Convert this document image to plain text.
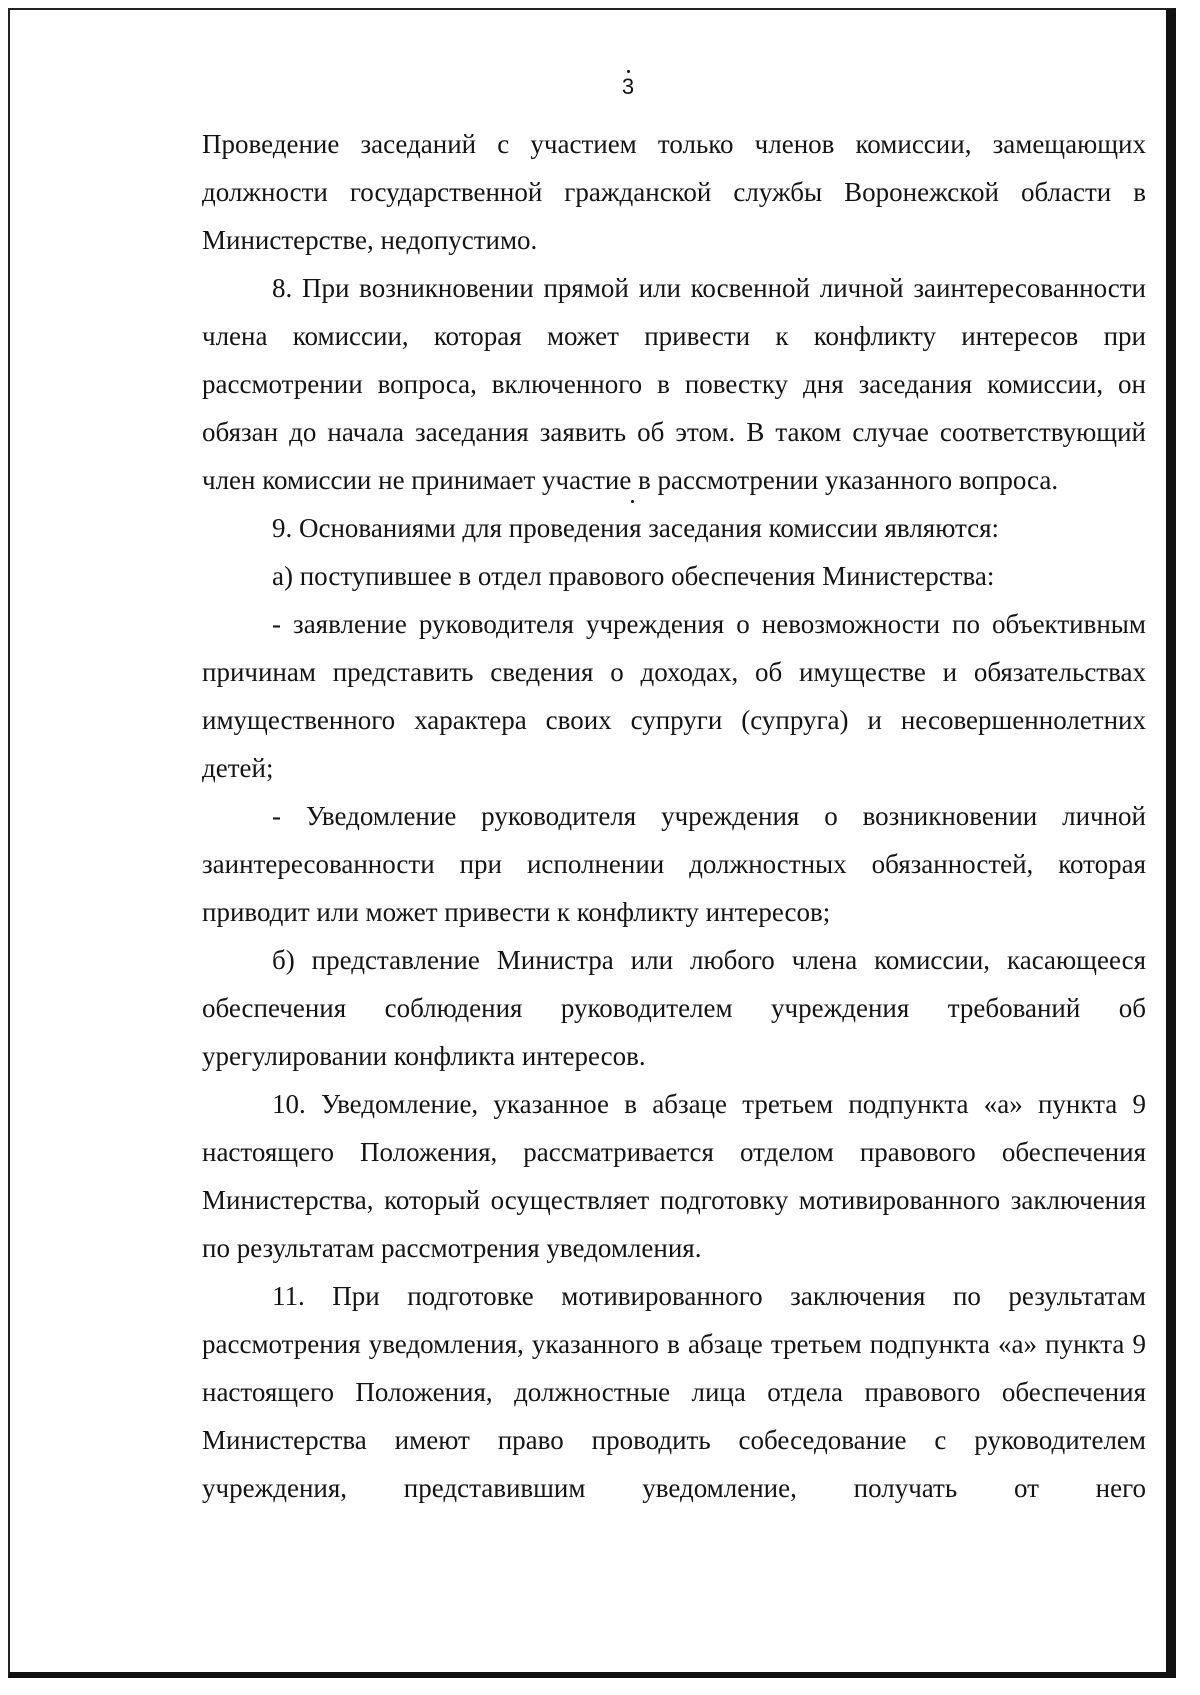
3

Проведение заседаний с участием только членов комиссии, замещающих должности государственной гражданской службы Воронежской области в Министерстве, недопустимо.

8. При возникновении прямой или косвенной личной заинтересованности члена комиссии, которая может привести к конфликту интересов при рассмотрении вопроса, включенного в повестку дня заседания комиссии, он обязан до начала заседания заявить об этом. В таком случае соответствующий член комиссии не принимает участие в рассмотрении указанного вопроса.

9. Основаниями для проведения заседания комиссии являются:

а) поступившее в отдел правового обеспечения Министерства:

- заявление руководителя учреждения о невозможности по объективным причинам представить сведения о доходах, об имуществе и обязательствах имущественного характера своих супруги (супруга) и несовершеннолетних детей;

- Уведомление руководителя учреждения о возникновении личной заинтересованности при исполнении должностных обязанностей, которая приводит или может привести к конфликту интересов;

б) представление Министра или любого члена комиссии, касающееся обеспечения соблюдения руководителем учреждения требований об урегулировании конфликта интересов.

10. Уведомление, указанное в абзаце третьем подпункта «а» пункта 9 настоящего Положения, рассматривается отделом правового обеспечения Министерства, который осуществляет подготовку мотивированного заключения по результатам рассмотрения уведомления.

11. При подготовке мотивированного заключения по результатам рассмотрения уведомления, указанного в абзаце третьем подпункта «а» пункта 9 настоящего Положения, должностные лица отдела правового обеспечения Министерства имеют право проводить собеседование с руководителем учреждения, представившим уведомление, получать от него
